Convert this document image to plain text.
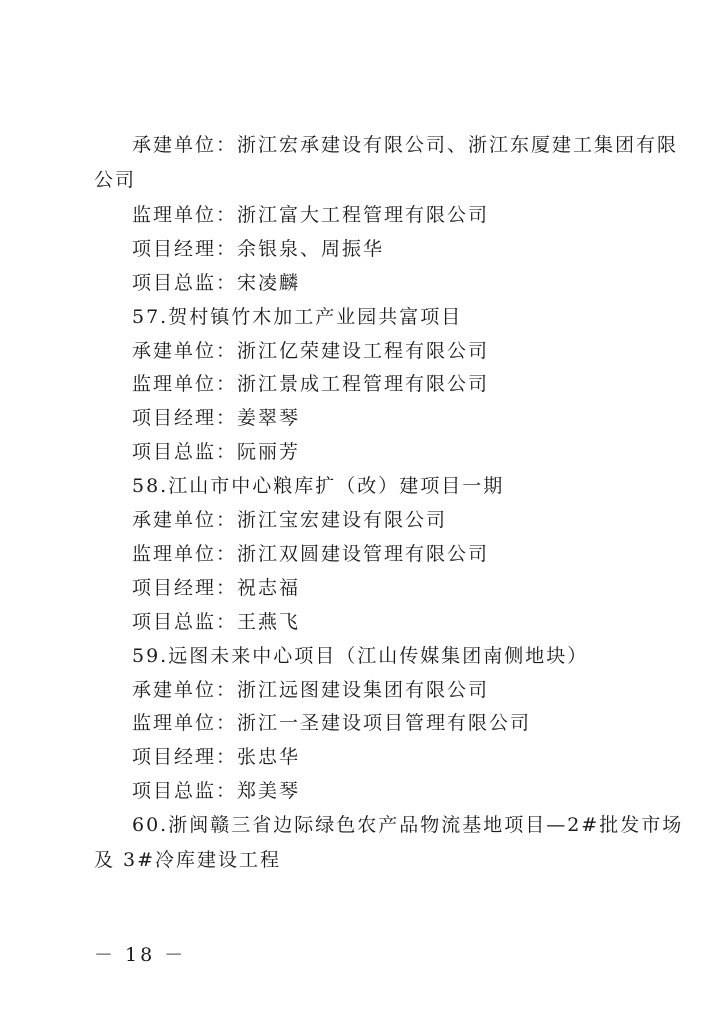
承建单位：浙江宏承建设有限公司、浙江东厦建工集团有限
公司
监理单位：浙江富大工程管理有限公司
项目经理：余银泉、周振华
项目总监：宋凌麟
57.贺村镇竹木加工产业园共富项目
承建单位：浙江亿荣建设工程有限公司
监理单位：浙江景成工程管理有限公司
项目经理：姜翠琴
项目总监：阮丽芳
58.江山市中心粮库扩（改）建项目一期
承建单位：浙江宝宏建设有限公司
监理单位：浙江双圆建设管理有限公司
项目经理：祝志福
项目总监：王燕飞
59.远图未来中心项目（江山传媒集团南侧地块）
承建单位：浙江远图建设集团有限公司
监理单位：浙江一圣建设项目管理有限公司
项目经理：张忠华
项目总监：郑美琴
60.浙闽赣三省边际绿色农产品物流基地项目—2#批发市场
及 3#冷库建设工程
－ 18 －
